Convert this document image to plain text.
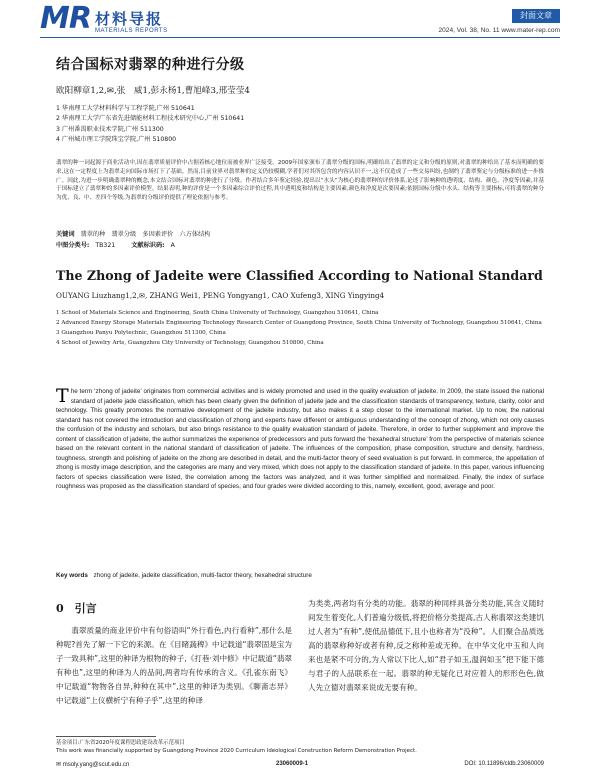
MR 材料导报
MATERIALS REPORTS
封面文章
2024, Vol. 38, No. 11 www.mater-rep.com
结合国标对翡翠的种进行分级
欧阳柳章1,2,✉,张　威1,彭永杨1,曹旭峰3,邢莹莹4
1 华南理工大学材料科学与工程学院,广州 510641
2 华南理工大学广东省先进储能材料工程技术研究中心,广州 510641
3 广州番禺职业技术学院,广州 511300
4 广州城市理工学院珠宝学院,广州 510800

翡翠的种一词起源于商业活动中,因在翡翠质量评价中占据着核心地位而被业界广泛接受。2009年国家颁布了翡翠分级的国标,明确给出了翡翠的定义和分级的原则,对翡翠的种给出了基本而明确的要求,这在一定程度上为翡翠走向国际市场打下了基础。然而,目前业界对翡翠种的定义仍较模糊,学者们对其所包含的内容认识不一,这不仅造成了一些交易纠纷,也制约了翡翠鉴定与分级标准的进一步推广。因此,为进一步明确翡翠种的概念,本文结合国标对翡翠的种进行了分级。作者结合多年鉴定经验,提出以“水头”为核心的翡翠种的评价体系,论述了影响种的透明度、结构、颜色、净度等因素,并基于国标建立了翡翠种的多因素评价模型。结果表明,种的评价是一个多因素综合评价过程,其中透明度和结构是主要因素,颜色和净度是次要因素;依据国标分级中水头、结构等主要指标,可将翡翠的种分为优、良、中、差四个等级,为翡翠的分级评价提供了理论依据与参考。

关键词 翡翠的种　翡翠分级　多因素评价　六方体结构
中图分类号: TB321	文献标识码: A
The Zhong of Jadeite were Classified According to National Standard
OUYANG Liuzhang1,2,✉, ZHANG Wei1, PENG Yongyang1, CAO Xufeng3, XING Yingying4

1 School of Materials Science and Engineering, South China University of Technology, Guangzhou 510641, China

2 Advanced Energy Storage Materials Engineering Technology Research Center of Guangdong Province, South China University of Technology, Guangzhou 510641, China

3 Guangzhou Panyu Polytechnic, Guangzhou 511300, China

4 School of Jewelry Arts, Guangzhou City University of Technology, Guangzhou 510800, China

T he term ‘zhong of jadeite’ originates from commercial activities and is widely promoted and used in the quality evaluation of jadeite. In 2009, the state issued the national standard of jadeite jade classification, which has been clearly given the definition of jadeite jade and the classification standards of transparency, texture, clarity, color and technology. This greatly promotes the normative development of the jadeite industry, but also makes it a step closer to the international market. Up to now, the national standard has not covered the introduction and classification of zhong and experts have different or ambiguous understanding of the concept of zhong, which not only causes the confusion of the industry and scholars, but also brings resistance to the quality evaluation standard of jadeite. Therefore, in order to further supplement and improve the content of classification of jadeite, the author summarizes the experience of predecessors and puts forward the ‘hexahedral structure’ from the perspective of materials science based on the relevant content in the national standard of classification of jadeite. The influences of the composition, phase composition, structure and density, hardness, toughness, strength and polishing of jadeite on the zhong are described in detail, and the multi-factor theory of seed evaluation is put forward. In commerce, the appellation of zhong is mostly image description, and the categories are many and very mixed, which does not apply to the classification standard of jadeite. In this paper, various influencing factors of species classification were listed, the correlation among the factors was analyzed, and it was further simplified and normalized. Finally, the index of surface roughness was proposed as the classification standard of species, and four grades were divided according to this, namely, excellent, good, average and poor.
Key words zhong of jadeite, jadeite classification, multi-factor theory, hexahedral structure
0　引言

翡翠质量的商业评价中有句俗语叫“外行看色,内行看种”,那什么是种呢?首先了解一下它的来源。在《目睹蔬稗》中记载道“翡翠固是宝为子一致具种”,这里的种译为根物的种子,《打巷·刘中修》中记载道“翡翠有种也”,这里的种译为人的品间,两者均有传承的含义。《孔雀东南飞》中记载道“物物各自异,种种在其中”,这里的种译为类别。《聊斋志异》中记载道“上仪横析宁有种子乎”,这里的种译

为类类,两者均有分类的功能。翡翠的种同样具备分类功能,其含义随时间发生着变化,人们普遍分级低,将把价格分类提高,古人称翡翠这类建饥过人者为“有种”,使低品德低下,且小也称者为“没种”。人们聚合品质选高的翡翠称种好或者有种,反之称种差或无种。在中华文化中玉和人向来也是紧不可分的,为人常以下比人,如“君子如玉,温润如玉”把下能下德与君子的人品联系在一起。翡翠的种无疑化已对应着人的形形色色,做人先立德对翡翠来说成无要有种。

基金项目:广东省2020年度课程思政建设改革示范项目
This work was financially supported by Guangdong Province 2020 Curriculum Ideological Construction Reform Demonstration Project.
✉ msoly.yang@scut.edu.cn	23060009-1	DOI: 10.11896/cldb.23060009
